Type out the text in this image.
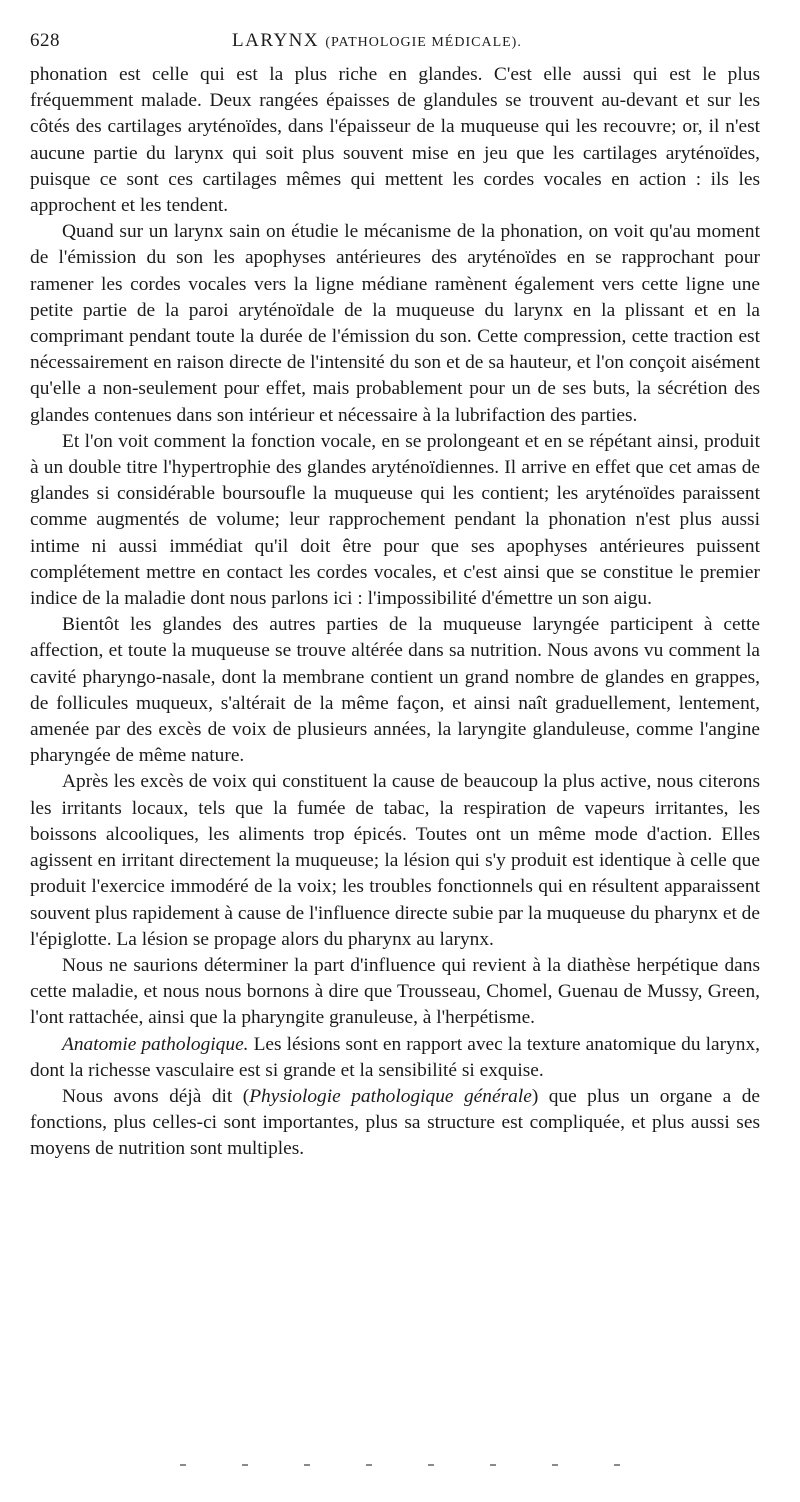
628	LARYNX (PATHOLOGIE MÉDICALE).

phonation est celle qui est la plus riche en glandes. C'est elle aussi qui est le plus fréquemment malade. Deux rangées épaisses de glandules se trouvent au-devant et sur les côtés des cartilages aryténoïdes, dans l'épaisseur de la muqueuse qui les recouvre; or, il n'est aucune partie du larynx qui soit plus souvent mise en jeu que les cartilages aryténoïdes, puisque ce sont ces cartilages mêmes qui mettent les cordes vocales en action : ils les approchent et les tendent.

Quand sur un larynx sain on étudie le mécanisme de la phonation, on voit qu'au moment de l'émission du son les apophyses antérieures des aryténoïdes en se rapprochant pour ramener les cordes vocales vers la ligne médiane ramènent également vers cette ligne une petite partie de la paroi aryténoïdale de la muqueuse du larynx en la plissant et en la comprimant pendant toute la durée de l'émission du son. Cette compression, cette traction est nécessairement en raison directe de l'intensité du son et de sa hauteur, et l'on conçoit aisément qu'elle a non-seulement pour effet, mais probablement pour un de ses buts, la sécrétion des glandes contenues dans son intérieur et nécessaire à la lubrifaction des parties.

Et l'on voit comment la fonction vocale, en se prolongeant et en se répétant ainsi, produit à un double titre l'hypertrophie des glandes aryténoïdiennes. Il arrive en effet que cet amas de glandes si considérable boursoufle la muqueuse qui les contient; les aryténoïdes paraissent comme augmentés de volume; leur rapprochement pendant la phonation n'est plus aussi intime ni aussi immédiat qu'il doit être pour que ses apophyses antérieures puissent complétement mettre en contact les cordes vocales, et c'est ainsi que se constitue le premier indice de la maladie dont nous parlons ici : l'impossibilité d'émettre un son aigu.

Bientôt les glandes des autres parties de la muqueuse laryngée participent à cette affection, et toute la muqueuse se trouve altérée dans sa nutrition. Nous avons vu comment la cavité pharyngo-nasale, dont la membrane contient un grand nombre de glandes en grappes, de follicules muqueux, s'altérait de la même façon, et ainsi naît graduellement, lentement, amenée par des excès de voix de plusieurs années, la laryngite glanduleuse, comme l'angine pharyngée de même nature.

Après les excès de voix qui constituent la cause de beaucoup la plus active, nous citerons les irritants locaux, tels que la fumée de tabac, la respiration de vapeurs irritantes, les boissons alcooliques, les aliments trop épicés. Toutes ont un même mode d'action. Elles agissent en irritant directement la muqueuse; la lésion qui s'y produit est identique à celle que produit l'exercice immodéré de la voix; les troubles fonctionnels qui en résultent apparaissent souvent plus rapidement à cause de l'influence directe subie par la muqueuse du pharynx et de l'épiglotte. La lésion se propage alors du pharynx au larynx.

Nous ne saurions déterminer la part d'influence qui revient à la diathèse herpétique dans cette maladie, et nous nous bornons à dire que Trousseau, Chomel, Guenau de Mussy, Green, l'ont rattachée, ainsi que la pharyngite granuleuse, à l'herpétisme.

Anatomie pathologique. Les lésions sont en rapport avec la texture anatomique du larynx, dont la richesse vasculaire est si grande et la sensibilité si exquise.

Nous avons déjà dit (Physiologie pathologique générale) que plus un organe a de fonctions, plus celles-ci sont importantes, plus sa structure est compliquée, et plus aussi ses moyens de nutrition sont multiples.
